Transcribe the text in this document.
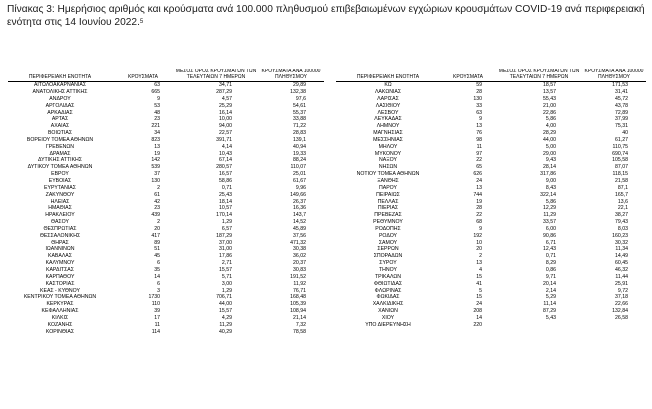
Πίνακας 3: Ημερήσιος αριθμός και κρούσματα ανά 100.000 πληθυσμού επιβεβαιωμένων εγχώριων κρουσμάτων COVID-19 ανά περιφερειακή ενότητα στις 14 Ιουνίου 2022.$^5$
ΠΕΡΙΦΕΡΕΙΑΚΗ ΕΝΟΤΗΤΑ	ΚΡΟΥΣΜΑΤΑ	ΜΕΣΟΣ ΟΡΟΣ ΚΡΟΥΣΜΑΤΩΝ ΤΩΝ ΤΕΛΕΥΤΑΙΩΝ 7 ΗΜΕΡΩΝ	ΚΡΟΥΣΜΑΤΑ ΑΝΑ 100000 ΠΛΗΘΥΣΜΟΥ
ΑΙΤΩΛΟΑΚΑΡΝΑΝΙΑΣ	63	34,71	29,89
ΑΝΑΤΟΛΙΚΗΣ ΑΤΤΙΚΗΣ	665	287,29	132,38
ΑΝΔΡΟΥ	9	4,57	97,6
ΑΡΓΟΛΙΔΑΣ	53	25,29	54,61
ΑΡΚΑΔΙΑΣ	48	16,14	55,37
ΑΡΤΑΣ	23	10,00	33,88
ΑΧΑΪΑΣ	221	94,00	71,22
ΒΟΙΩΤΙΑΣ	34	22,57	28,83
ΒΟΡΕΙΟΥ ΤΟΜΕΑ ΑΘΗΝΩΝ	823	391,71	139,1
ΓΡΕΒΕΝΩΝ	13	4,14	40,94
ΔΡΑΜΑΣ	19	10,43	19,33
ΔΥΤΙΚΗΣ ΑΤΤΙΚΗΣ	142	67,14	88,24
ΔΥΤΙΚΟΥ ΤΟΜΕΑ ΑΘΗΝΩΝ	539	280,57	110,07
ΕΒΡΟΥ	37	16,57	25,01
ΕΥΒΟΙΑΣ	130	58,86	61,67
ΕΥΡΥΤΑΝΙΑΣ	2	0,71	9,96
ΖΑΚΥΝΘΟΥ	61	25,43	149,66
ΗΛΕΙΑΣ	42	18,14	26,37
ΗΜΑΘΙΑΣ	23	10,57	16,36
ΗΡΑΚΛΕΙΟΥ	439	170,14	143,7
ΘΑΣΟΥ	2	1,29	14,52
ΘΕΣΠΡΩΤΙΑΣ	20	6,57	45,89
ΘΕΣΣΑΛΟΝΙΚΗΣ	417	187,29	37,56
ΘΗΡΑΣ	89	37,00	471,32
ΙΩΑΝΝΙΝΩΝ	51	31,00	30,38
ΚΑΒΑΛΑΣ	45	17,86	36,02
ΚΑΛΥΜΝΟΥ	6	2,71	20,37
ΚΑΡΔΙΤΣΑΣ	35	15,57	30,83
ΚΑΡΠΑΘΟΥ	14	5,71	191,52
ΚΑΣΤΟΡΙΑΣ	6	3,00	11,92
ΚΕΑΣ - ΚΥΘΝΟΥ	3	1,29	76,71
ΚΕΝΤΡΙΚΟΥ ΤΟΜΕΑ ΑΘΗΝΩΝ	1730	706,71	168,48
ΚΕΡΚΥΡΑΣ	110	44,00	105,39
ΚΕΦΑΛΛΗΝΙΑΣ	39	15,57	108,94
ΚΙΛΚΙΣ	17	4,29	21,14
ΚΟΖΑΝΗΣ	11	11,29	7,32
ΚΟΡΙΝΘΙΑΣ	114	40,29	78,58
ΠΕΡΙΦΕΡΕΙΑΚΗ ΕΝΟΤΗΤΑ	ΚΡΟΥΣΜΑΤΑ	ΜΕΣΟΣ ΟΡΟΣ ΚΡΟΥΣΜΑΤΩΝ ΤΩΝ ΤΕΛΕΥΤΑΙΩΝ 7 ΗΜΕΡΩΝ	ΚΡΟΥΣΜΑΤΑ ΑΝΑ 100000 ΠΛΗΘΥΣΜΟΥ
ΚΩ	59	18,57	171,53
ΛΑΚΩΝΙΑΣ	28	13,57	31,41
ΛΑΡΙΣΑΣ	130	55,43	45,72
ΛΑΣΙΘΙΟΥ	33	21,00	43,78
ΛΕΣΒΟΥ	63	22,86	72,89
ΛΕΥΚΑΔΑΣ	9	5,86	37,99
ΛΗΜΝΟΥ	13	4,00	75,31
ΜΑΓΝΗΣΙΑΣ	76	28,29	40
ΜΕΣΣΗΝΙΑΣ	98	44,00	61,27
ΜΗΛΟΥ	11	5,00	110,75
ΜΥΚΟΝΟΥ	97	29,00	690,74
ΝΑΞΟΥ	22	9,43	105,58
ΝΗΣΩΝ	65	28,14	87,07
ΝΟΤΙΟΥ ΤΟΜΕΑ ΑΘΗΝΩΝ	626	317,86	118,15
ΞΑΝΘΗΣ	24	9,00	21,58
ΠΑΡΟΥ	13	8,43	87,1
ΠΕΙΡΑΙΩΣ	744	322,14	165,7
ΠΕΛΛΑΣ	19	5,86	13,6
ΠΙΕΡΙΑΣ	28	12,29	22,1
ΠΡΕΒΕΖΑΣ	22	11,29	38,27
ΡΕΘΥΜΝΟΥ	68	33,57	79,43
ΡΟΔΟΠΗΣ	9	6,00	8,03
ΡΟΔΟΥ	192	90,86	160,23
ΣΑΜΟΥ	10	6,71	30,32
ΣΕΡΡΩΝ	20	12,43	11,34
ΣΠΟΡΑΔΩΝ	2	0,71	14,49
ΣΥΡΟΥ	13	8,29	60,45
ΤΗΝΟΥ	4	0,86	46,32
ΤΡΙΚΑΛΩΝ	15	9,71	11,44
ΦΘΙΩΤΙΔΑΣ	41	20,14	25,91
ΦΛΩΡΙΝΑΣ	5	2,14	9,72
ΦΩΚΙΔΑΣ	15	5,29	37,18
ΧΑΛΚΙΔΙΚΗΣ	24	11,14	22,66
ΧΑΝΙΩΝ	208	87,29	132,84
ΧΙΟΥ	14	5,43	26,58
ΥΠΟ ΔΙΕΡΕΥΝΗΣΗ	220		
